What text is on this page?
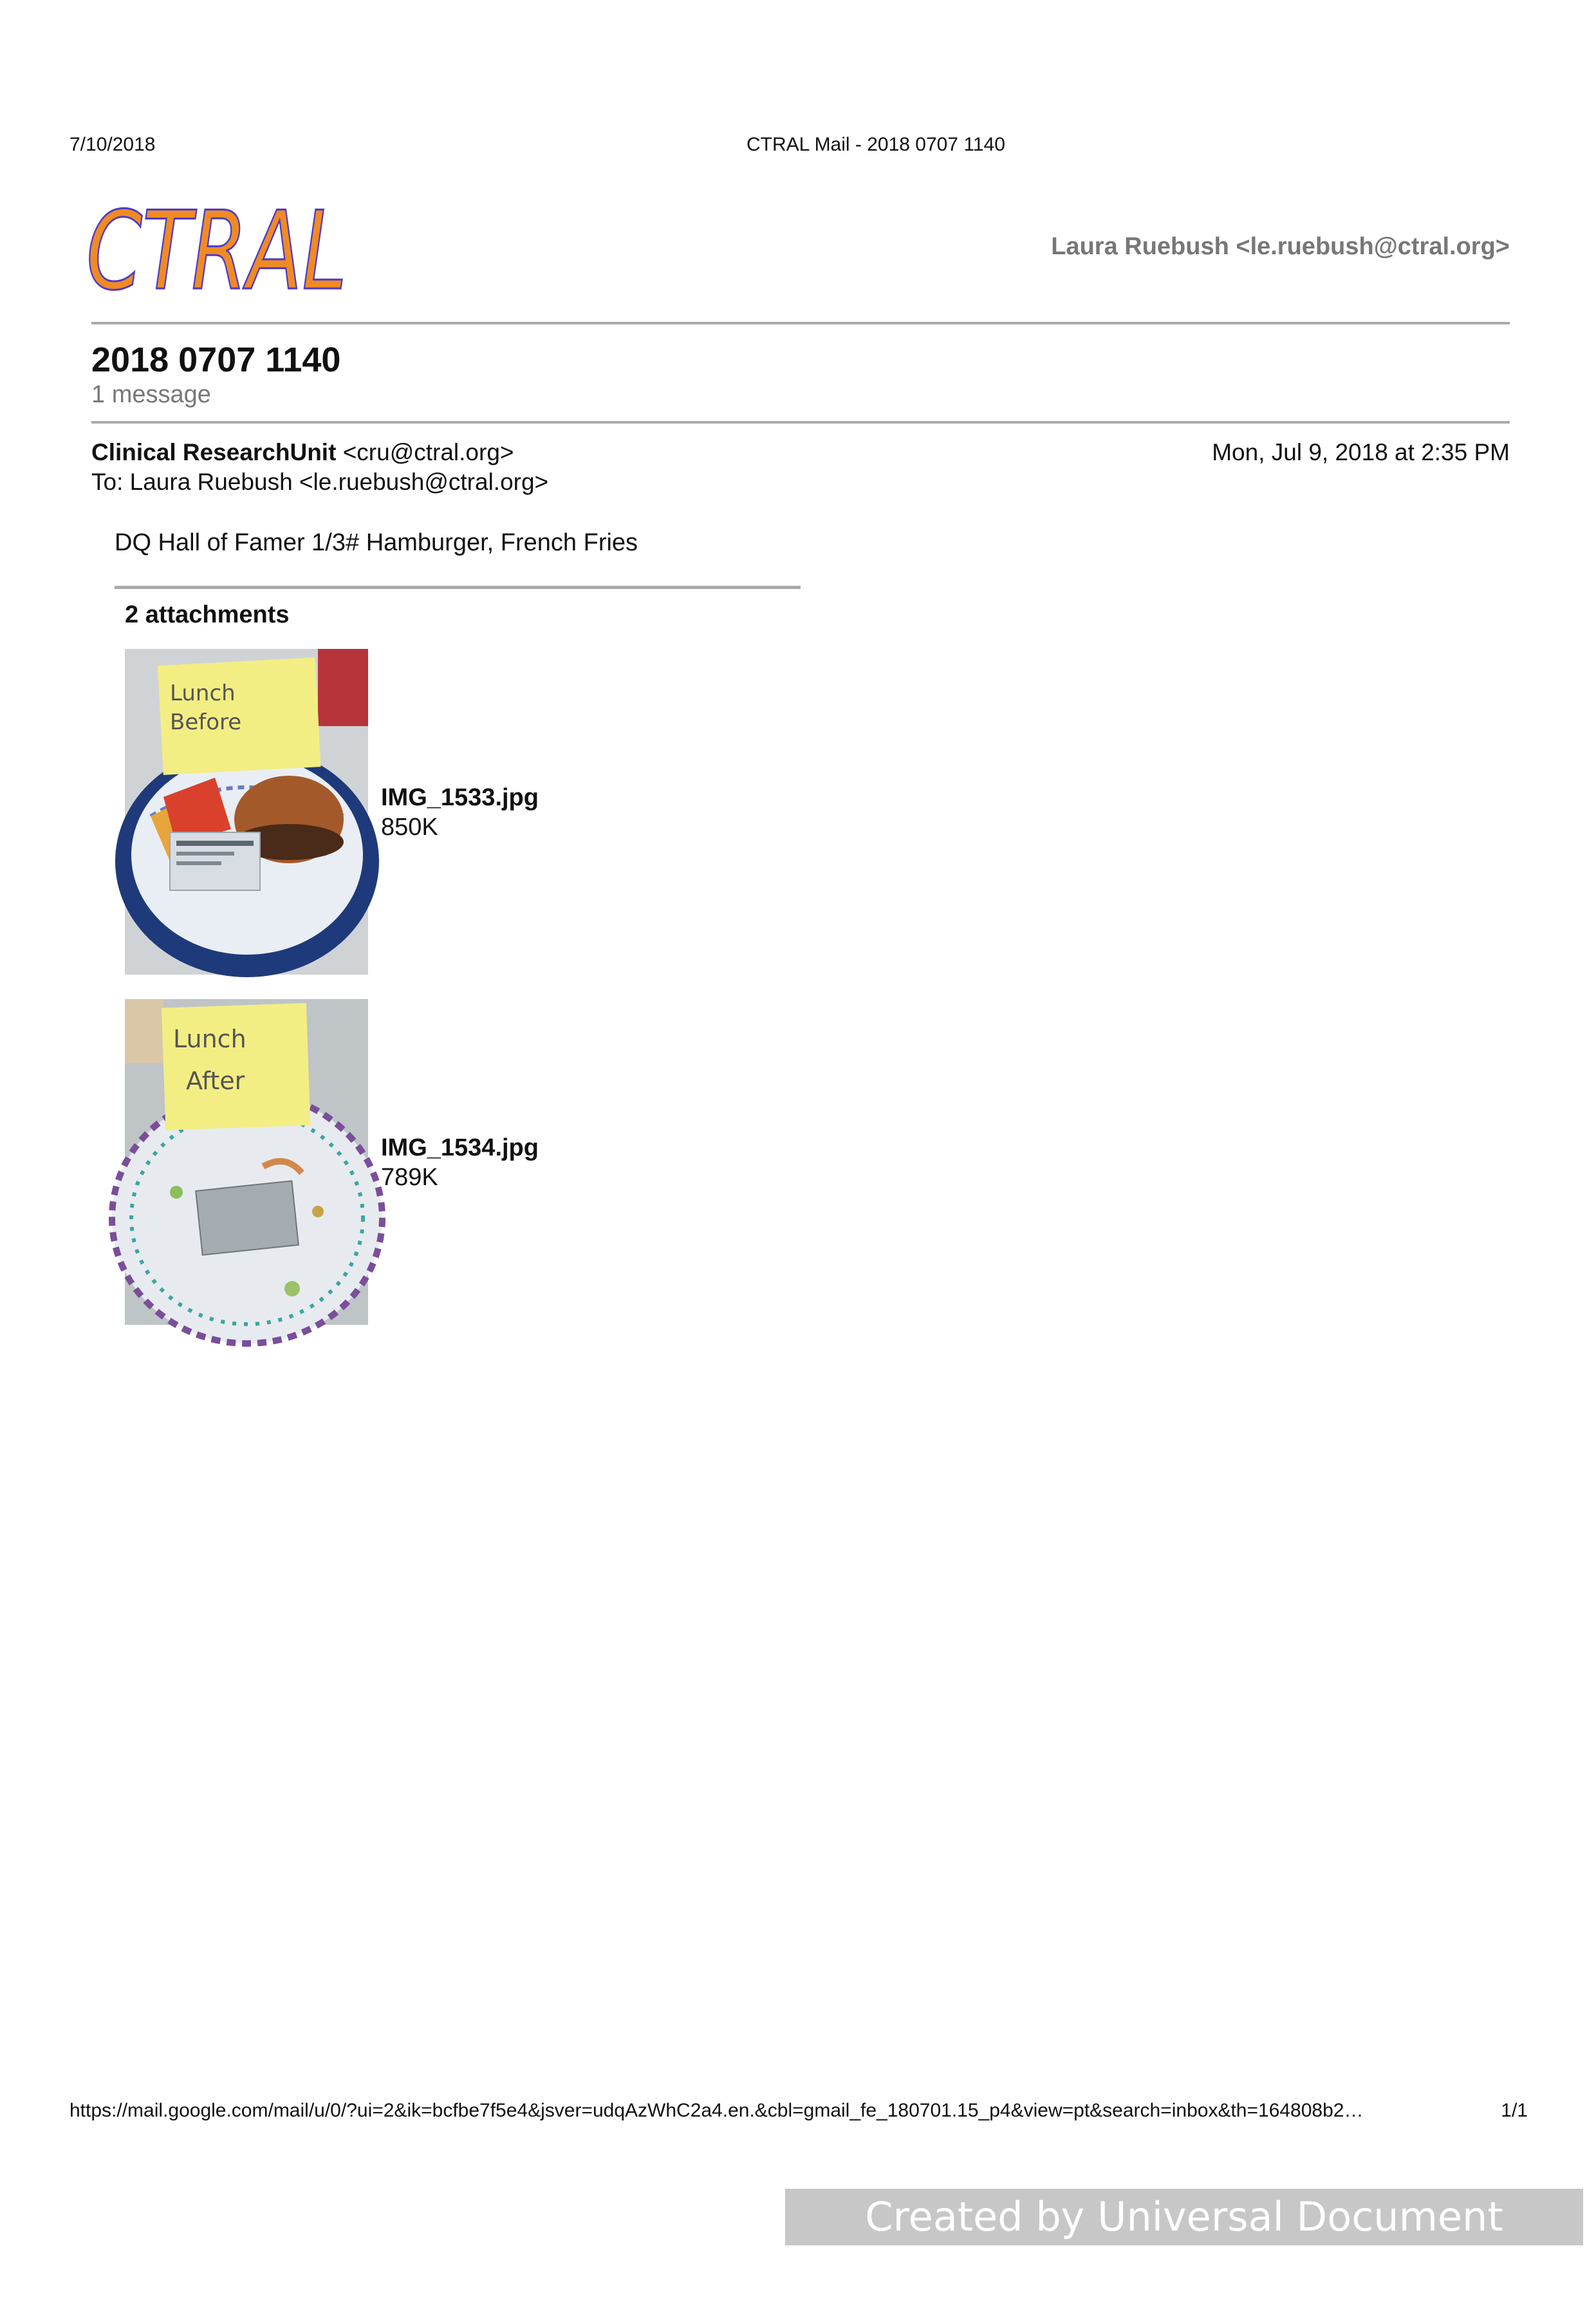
7/10/2018	CTRAL Mail - 2018 0707 1140
CTRAL	Laura Ruebush <le.ruebush@ctral.org>
2018 0707 1140
1 message
Clinical ResearchUnit <cru@ctral.org>	Mon, Jul 9, 2018 at 2:35 PM
To: Laura Ruebush <le.ruebush@ctral.org>
DQ Hall of Famer 1/3# Hamburger, French Fries
2 attachments
Lunch
Before
IMG_1533.jpg
850K
Lunch
After
IMG_1534.jpg
789K
https://mail.google.com/mail/u/0/?ui=2&ik=bcfbe7f5e4&jsver=udqAzWhC2a4.en.&cbl=gmail_fe_180701.15_p4&view=pt&search=inbox&th=164808b2…	1/1
Created by Universal Document Converter
